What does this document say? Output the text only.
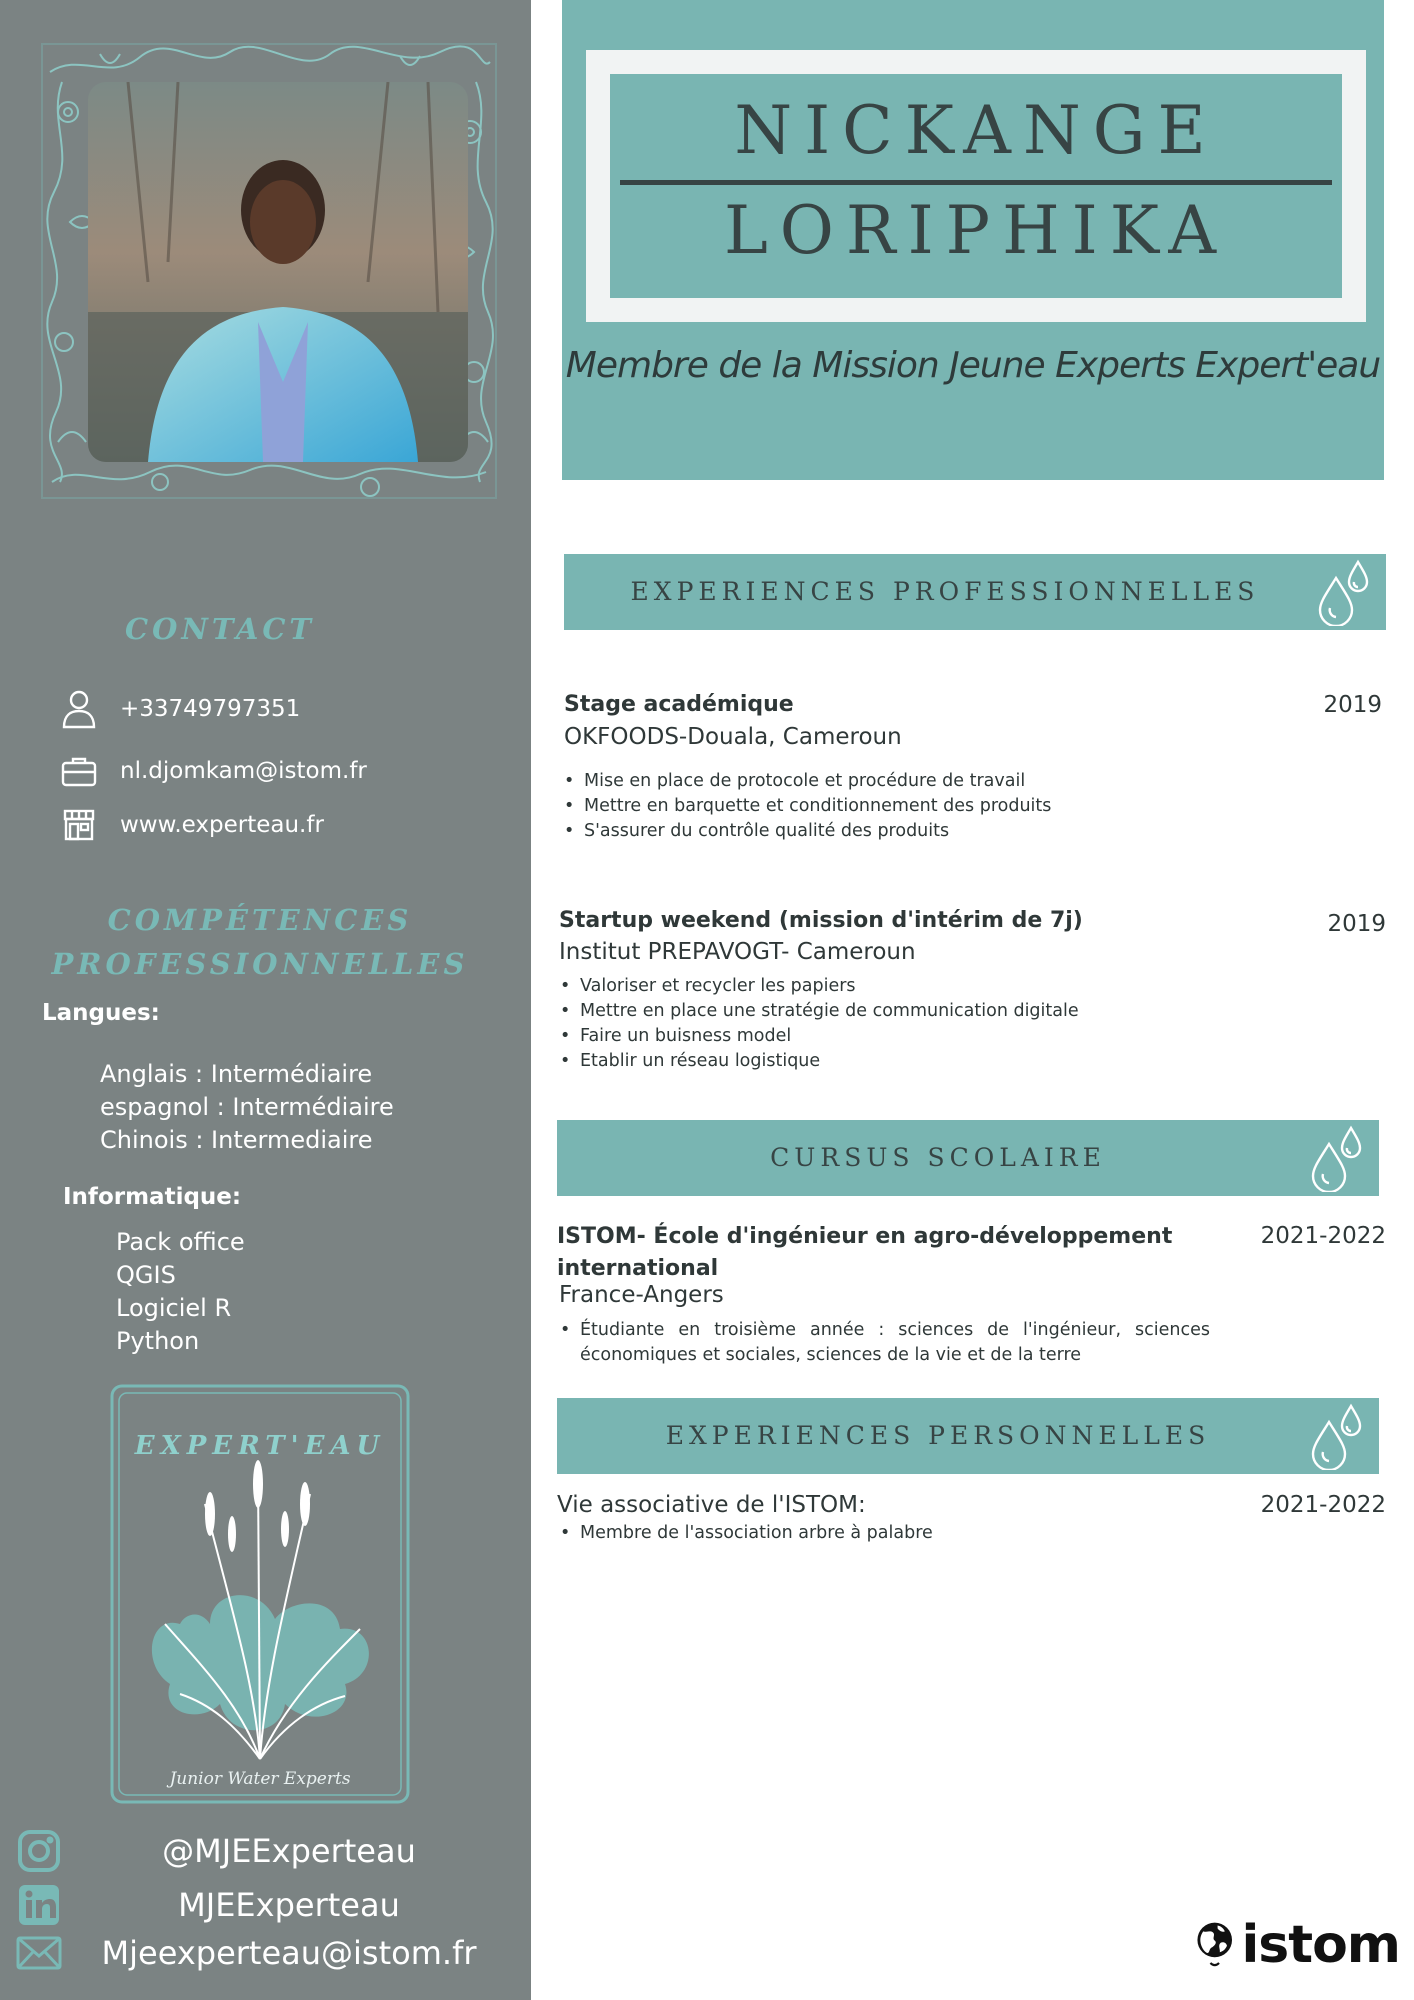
CONTACT
+33749797351
nl.djomkam@istom.fr
www.experteau.fr
COMPÉTENCES
PROFESSIONNELLES
Langues:
Anglais : Intermédiaire
espagnol : Intermédiaire
Chinois : Intermediaire
Informatique:
Pack office
QGIS
Logiciel R
Python
EXPERT'EAU
Junior Water Experts
@MJEExperteau
MJEExperteau
Mjeexperteau@istom.fr
NICKANGE
LORIPHIKA
Membre de la Mission Jeune Experts Expert'eau
EXPERIENCES PROFESSIONNELLES
Stage académique
OKFOODS-Douala, Cameroun
2019
• Mise en place de protocole et procédure de travail
• Mettre en barquette et conditionnement des produits
• S'assurer du contrôle qualité des produits
Startup weekend (mission d'intérim de 7j)
Institut PREPAVOGT- Cameroun
2019
• Valoriser et recycler les papiers
• Mettre en place une stratégie de communication digitale
• Faire un buisness model
• Etablir un réseau logistique
CURSUS SCOLAIRE
ISTOM- École d'ingénieur en agro-développement
international
France-Angers
2021-2022
• Étudiante en troisième année : sciences de l'ingénieur, sciences économiques et sociales, sciences de la vie et de la terre
EXPERIENCES PERSONNELLES
Vie associative de l'ISTOM:	2021-2022
• Membre de l'association arbre à palabre
istom
